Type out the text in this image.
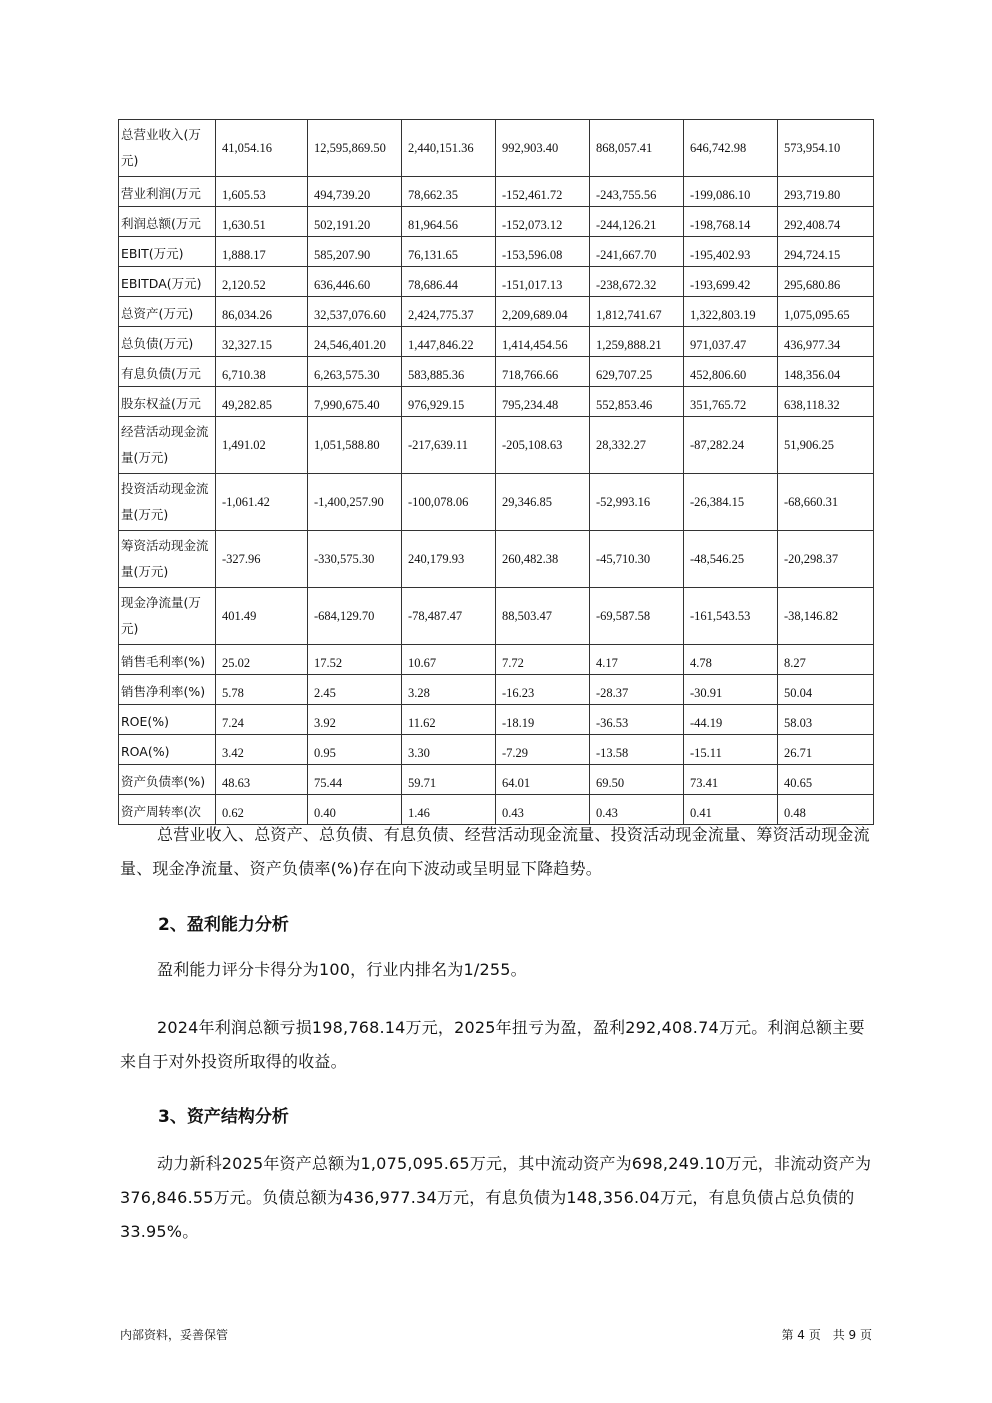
总营业收入(万元)	41,054.16	12,595,869.50	2,440,151.36	992,903.40	868,057.41	646,742.98	573,954.10
营业利润(万元	1,605.53	494,739.20	78,662.35	-152,461.72	-243,755.56	-199,086.10	293,719.80
利润总额(万元	1,630.51	502,191.20	81,964.56	-152,073.12	-244,126.21	-198,768.14	292,408.74
EBIT(万元)	1,888.17	585,207.90	76,131.65	-153,596.08	-241,667.70	-195,402.93	294,724.15
EBITDA(万元)	2,120.52	636,446.60	78,686.44	-151,017.13	-238,672.32	-193,699.42	295,680.86
总资产(万元)	86,034.26	32,537,076.60	2,424,775.37	2,209,689.04	1,812,741.67	1,322,803.19	1,075,095.65
总负债(万元)	32,327.15	24,546,401.20	1,447,846.22	1,414,454.56	1,259,888.21	971,037.47	436,977.34
有息负债(万元	6,710.38	6,263,575.30	583,885.36	718,766.66	629,707.25	452,806.60	148,356.04
股东权益(万元	49,282.85	7,990,675.40	976,929.15	795,234.48	552,853.46	351,765.72	638,118.32
经营活动现金流量(万元)	1,491.02	1,051,588.80	-217,639.11	-205,108.63	28,332.27	-87,282.24	51,906.25
投资活动现金流量(万元)	-1,061.42	-1,400,257.90	-100,078.06	29,346.85	-52,993.16	-26,384.15	-68,660.31
筹资活动现金流量(万元)	-327.96	-330,575.30	240,179.93	260,482.38	-45,710.30	-48,546.25	-20,298.37
现金净流量(万元)	401.49	-684,129.70	-78,487.47	88,503.47	-69,587.58	-161,543.53	-38,146.82
销售毛利率(%)	25.02	17.52	10.67	7.72	4.17	4.78	8.27
销售净利率(%)	5.78	2.45	3.28	-16.23	-28.37	-30.91	50.04
ROE(%)	7.24	3.92	11.62	-18.19	-36.53	-44.19	58.03
ROA(%)	3.42	0.95	3.30	-7.29	-13.58	-15.11	26.71
资产负债率(%)	48.63	75.44	59.71	64.01	69.50	73.41	40.65
资产周转率(次	0.62	0.40	1.46	0.43	0.43	0.41	0.48

总营业收入、总资产、总负债、有息负债、经营活动现金流量、投资活动现金流量、筹资活动现金流量、现金净流量、资产负债率(%)存在向下波动或呈明显下降趋势。

2、盈利能力分析

盈利能力评分卡得分为100，行业内排名为1/255。

2024年利润总额亏损198,768.14万元，2025年扭亏为盈，盈利292,408.74万元。利润总额主要来自于对外投资所取得的收益。

3、资产结构分析

动力新科2025年资产总额为1,075,095.65万元，其中流动资产为698,249.10万元，非流动资产为376,846.55万元。负债总额为436,977.34万元，有息负债为148,356.04万元，有息负债占总负债的33.95%。

内部资料，妥善保管	第 4 页　共 9 页
